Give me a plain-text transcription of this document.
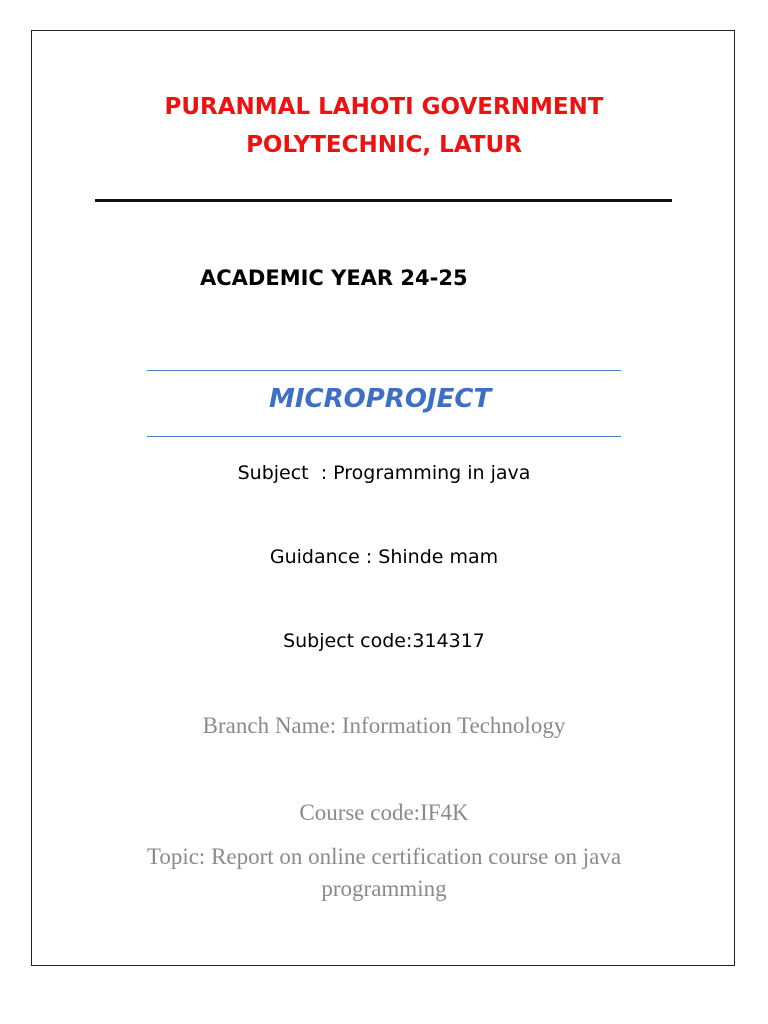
PURANMAL LAHOTI GOVERNMENT
POLYTECHNIC, LATUR

ACADEMIC YEAR 24-25

MICROPROJECT

Subject  : Programming in java

Guidance : Shinde mam

Subject code:314317

Branch Name: Information Technology

Course code:IF4K

Topic: Report on online certification course on java
programming
